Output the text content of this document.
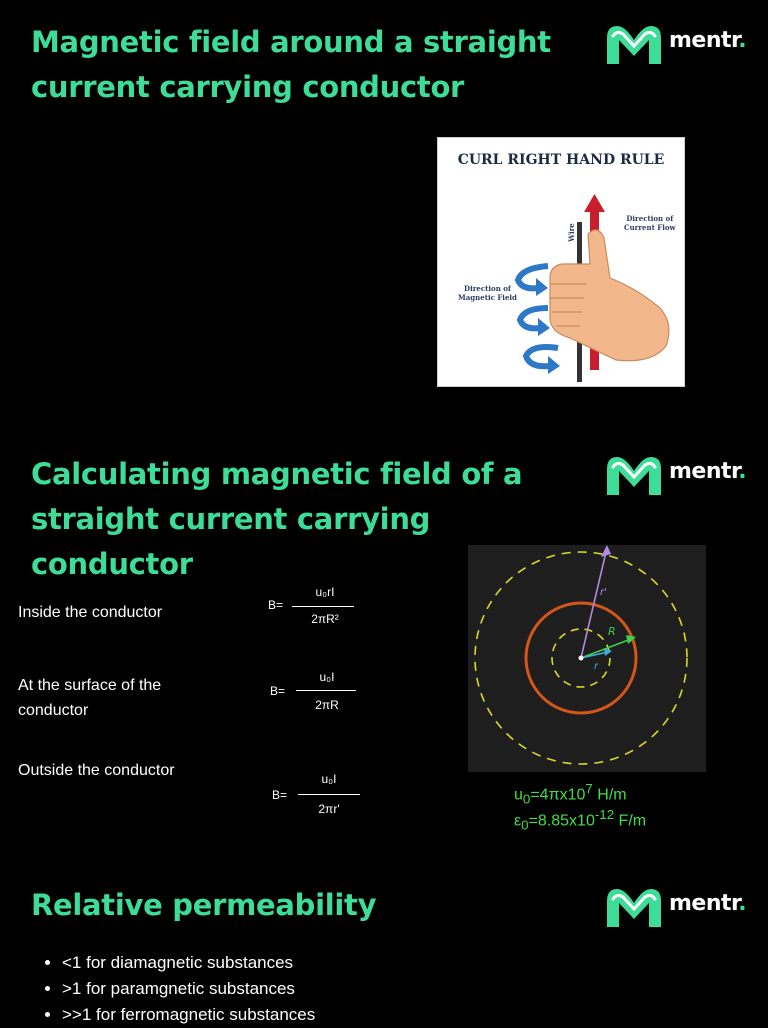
Magnetic field around a straight
current carrying conductor
mentr.
CURL RIGHT HAND RULE
Direction of
Current Flow
Direction of
Magnetic Field
Wire
Calculating magnetic field of a
straight current carrying
conductor
mentr.
Inside the conductor	B=
u₀rI
2πR²
At the surface of the
conductor
B=
u₀I
2πR
Outside the conductor
B=
u₀I
2πr'
R
r
r'
$u_0=4\pi x10^7$ H/m
$\varepsilon_0=8.85x10^{-12}$ F/m
Relative permeability	mentr.
• <1 for diamagnetic substances
• >1 for paramgnetic substances
• >>1 for ferromagnetic substances
